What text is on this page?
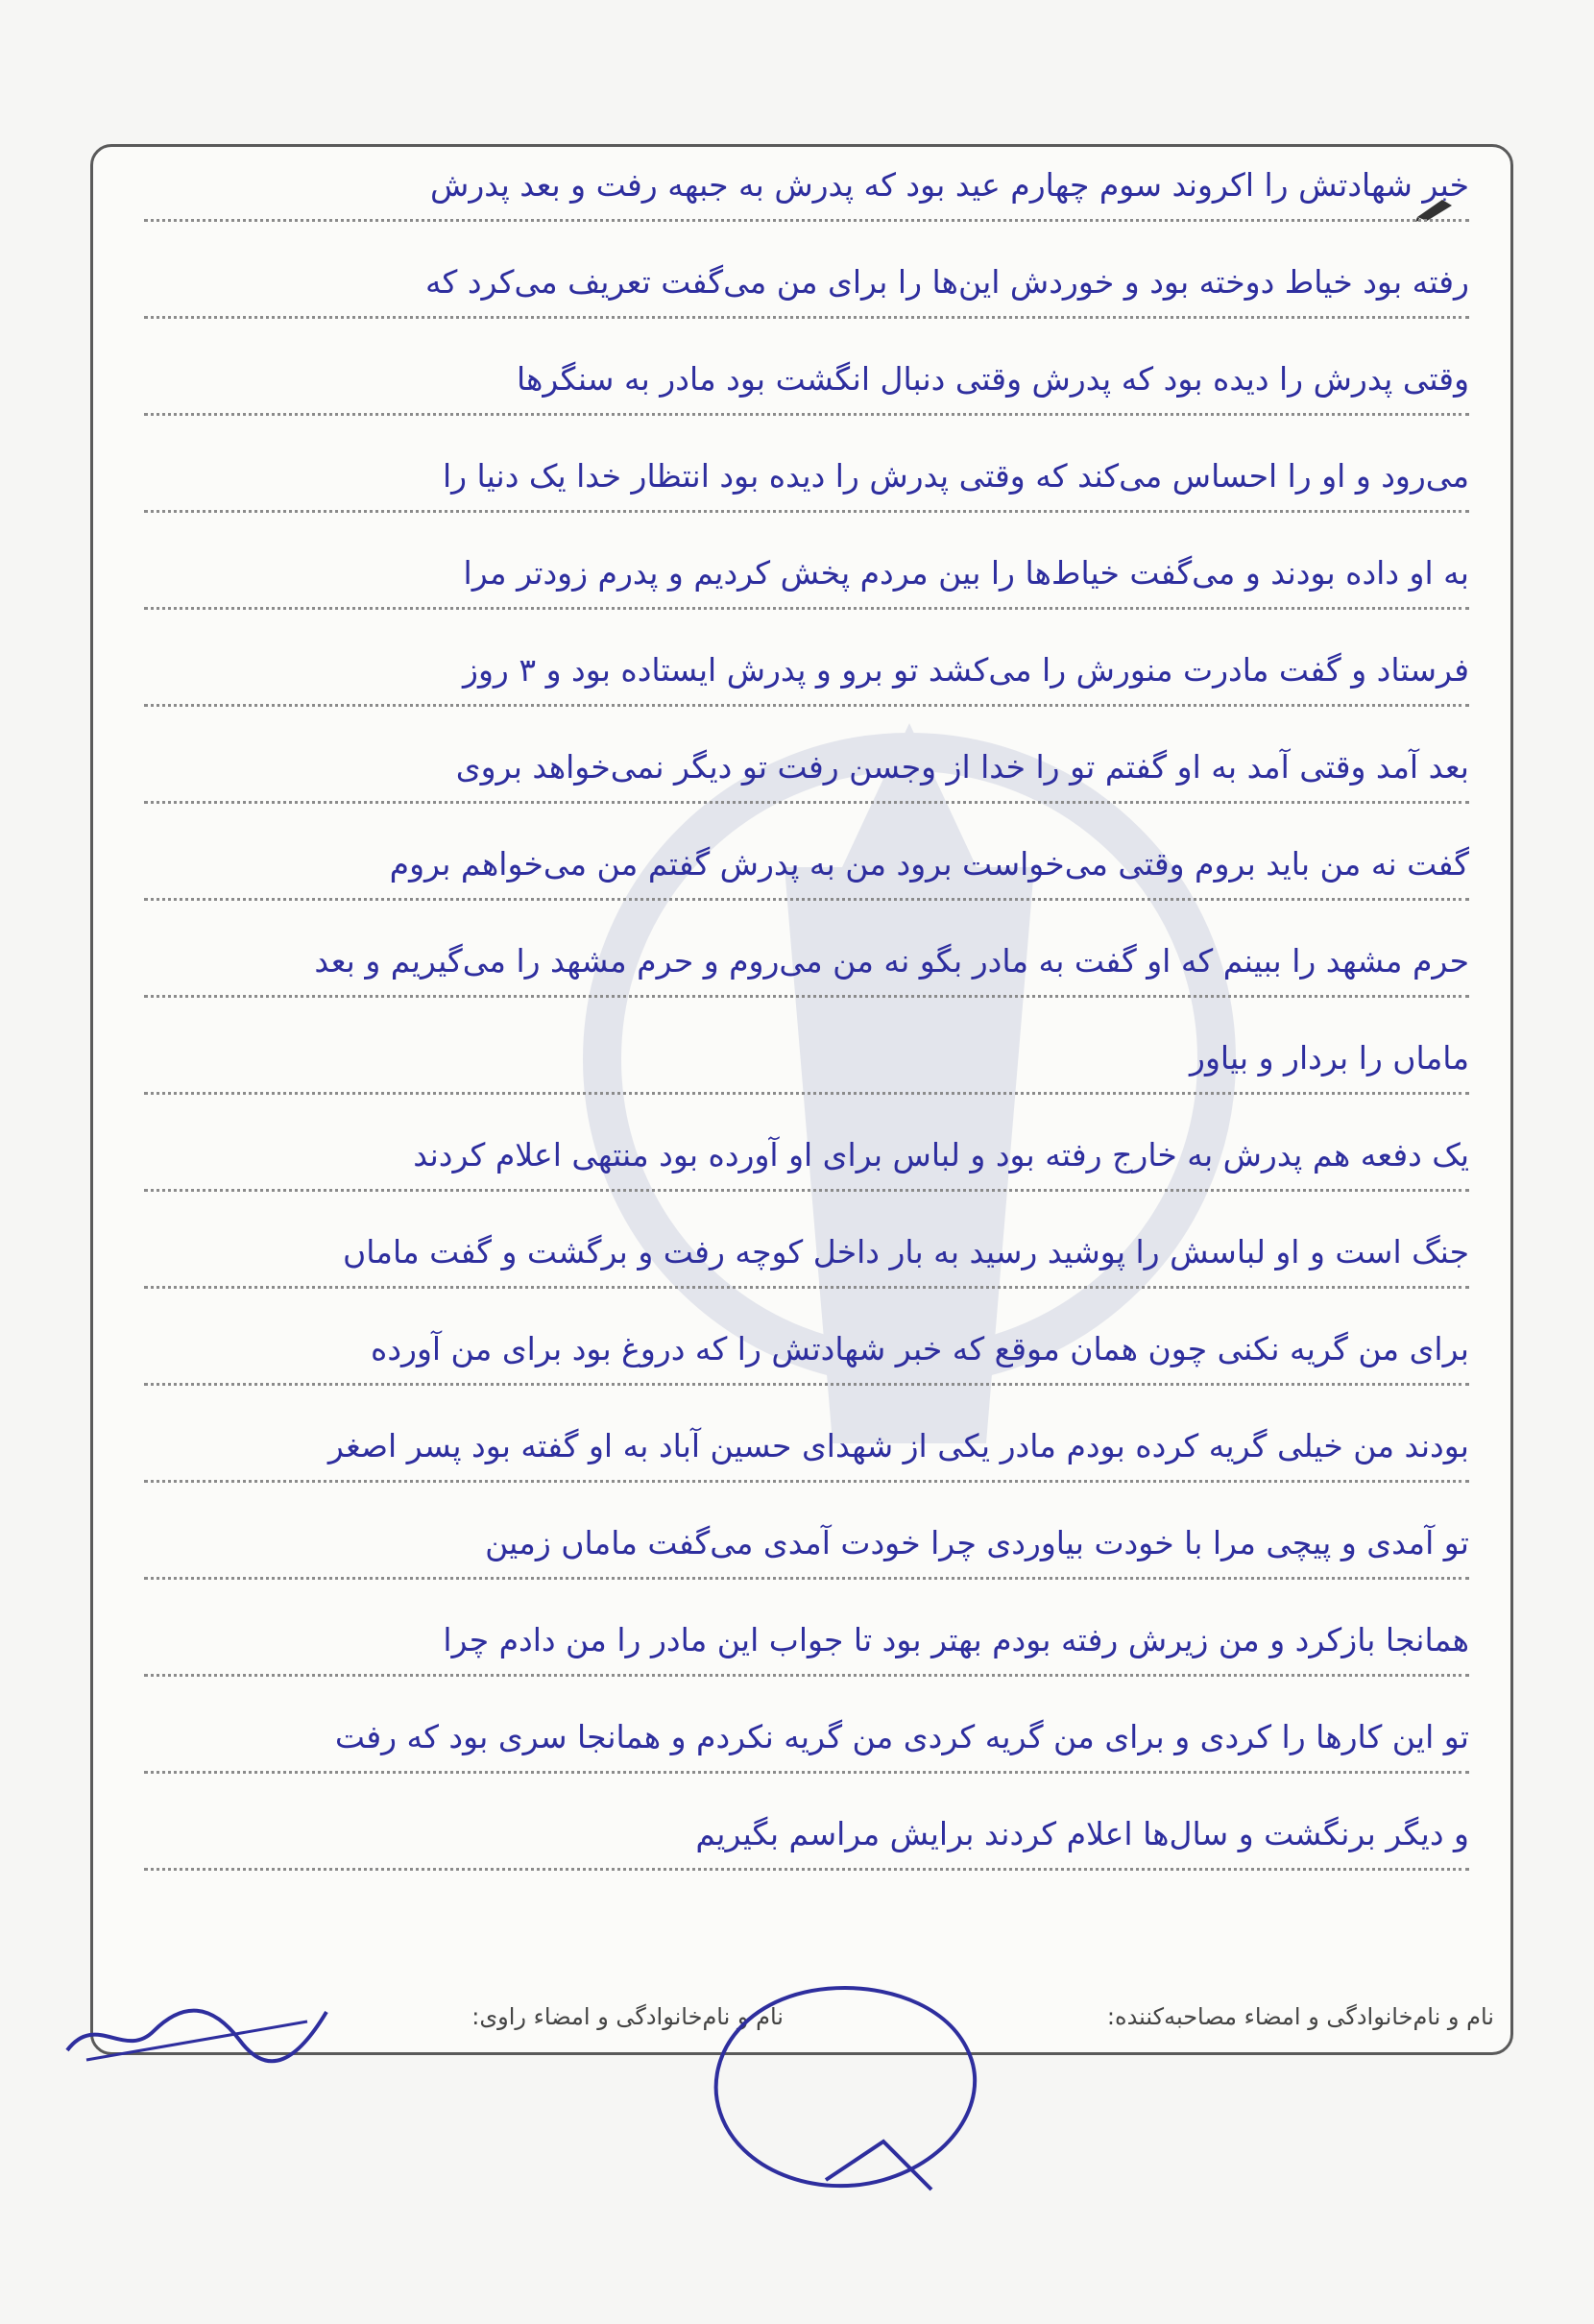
خبر شهادتش را اکروند سوم چهارم عید بود که پدرش به جبهه رفت و بعد پدرش
رفته بود خیاط دوخته بود و خوردش این‌ها را برای من می‌گفت تعریف می‌کرد که
وقتی پدرش را دیده بود که پدرش وقتی دنبال انگشت بود مادر به سنگرها
می‌رود و او را احساس می‌کند که وقتی پدرش را دیده بود انتظار خدا یک دنیا را
به او داده بودند و می‌گفت خیاط‌ها را بین مردم پخش کردیم و پدرم زودتر مرا
فرستاد و گفت مادرت منورش را می‌کشد تو برو و پدرش ایستاده بود و ۳ روز
بعد آمد وقتی آمد به او گفتم تو را خدا از وجسن رفت تو دیگر نمی‌خواهد بروی
گفت نه من باید بروم وقتی می‌خواست برود من به پدرش گفتم من می‌خواهم بروم
حرم مشهد را ببینم که او گفت به مادر بگو نه من می‌روم و حرم مشهد را می‌گیریم و بعد
ماماں را بردار و بیاور
یک دفعه هم پدرش به خارج رفته بود و لباس برای او آورده بود منتهی اعلام کردند
جنگ است و او لباسش را پوشید رسید به بار داخل کوچه رفت و برگشت و گفت ماماں
برای من گریه نکنی چون همان موقع که خبر شهادتش را که دروغ بود برای من آورده
بودند من خیلی گریه کرده بودم مادر یکی از شهدای حسین آباد به او گفته بود پسر اصغر
تو آمدی و پیچی مرا با خودت بیاوردی چرا خودت آمدی می‌گفت ماماں زمین
همانجا بازکرد و من زیرش رفته بودم بهتر بود تا جواب این مادر را من دادم چرا
تو این کارها را کردی و برای من گریه کردی من گریه نکردم و همانجا سری بود که رفت
و دیگر برنگشت و سال‌ها اعلام کردند برایش مراسم بگیریم
نام و نام‌خانوادگی و امضاء مصاحبه‌کننده:
نام و نام‌خانوادگی و امضاء راوی:
